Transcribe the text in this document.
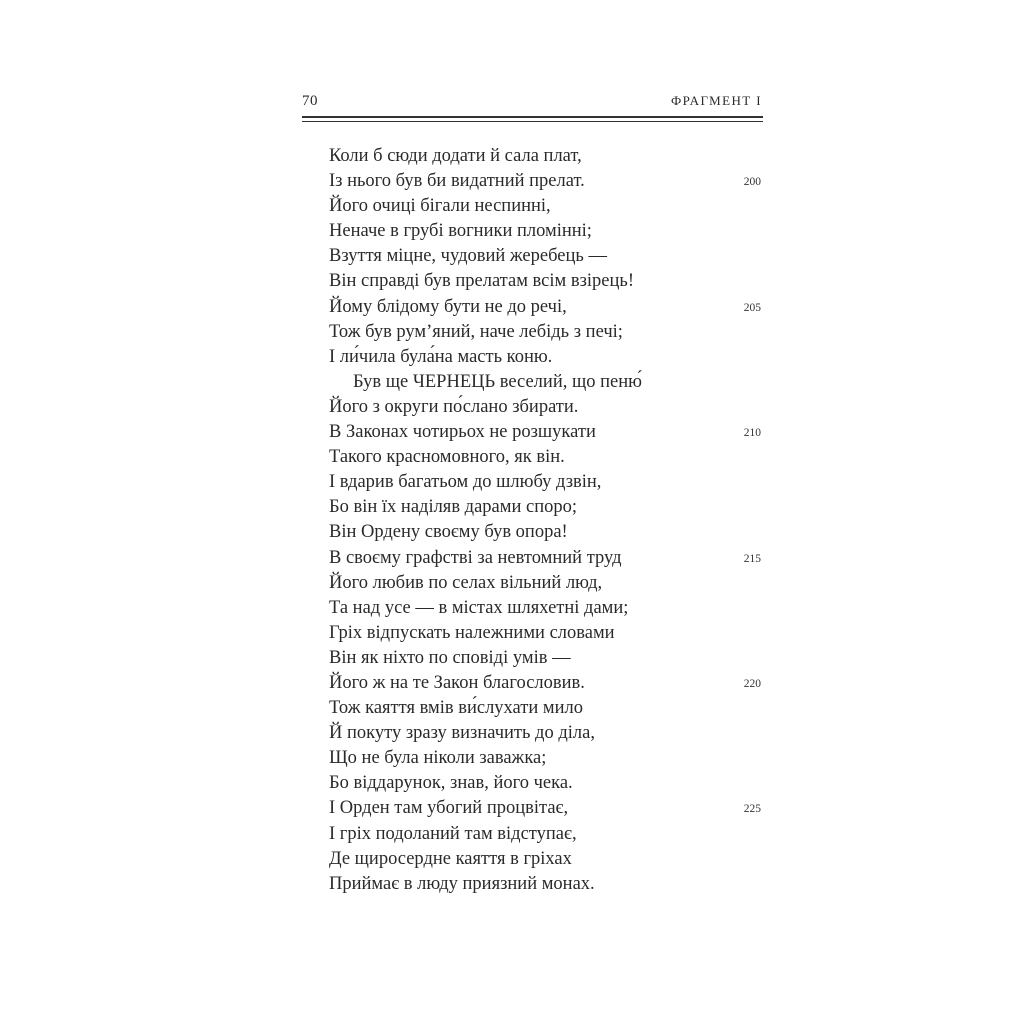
70	ФРАГМЕНТ І
Коли б сюди додати й сала плат,
Із нього був би видатний прелат.	200
Його очиці бігали неспинні,
Неначе в грубі вогники пломінні;
Взуття міцне, чудовий жеребець —
Він справді був прелатам всім взірець!
Йому блідому бути не до речі,	205
Тож був рум’яний, наче лебідь з печі;
І ли́чила була́на масть коню.
Був ще ЧЕРНЕЦЬ веселий, що пеню́
Його з округи по́слано збирати.
В Законах чотирьох не розшукати	210
Такого красномовного, як він.
І вдарив багатьом до шлюбу дзвін,
Бо він їх наділяв дарами споро;
Він Ордену своєму був опора!
В своєму графстві за невтомний труд	215
Його любив по селах вільний люд,
Та над усе — в містах шляхетні дами;
Гріх відпускать належними словами
Він як ніхто по сповіді умів —
Його ж на те Закон благословив.	220
Тож каяття вмів ви́слухати мило
Й покуту зразу визначить до діла,
Що не була ніколи заважка;
Бо віддарунок, знав, його чека.
І Орден там убогий процвітає,	225
І гріх подоланий там відступає,
Де щиросердне каяття в гріхах
Приймає в люду приязний монах.
